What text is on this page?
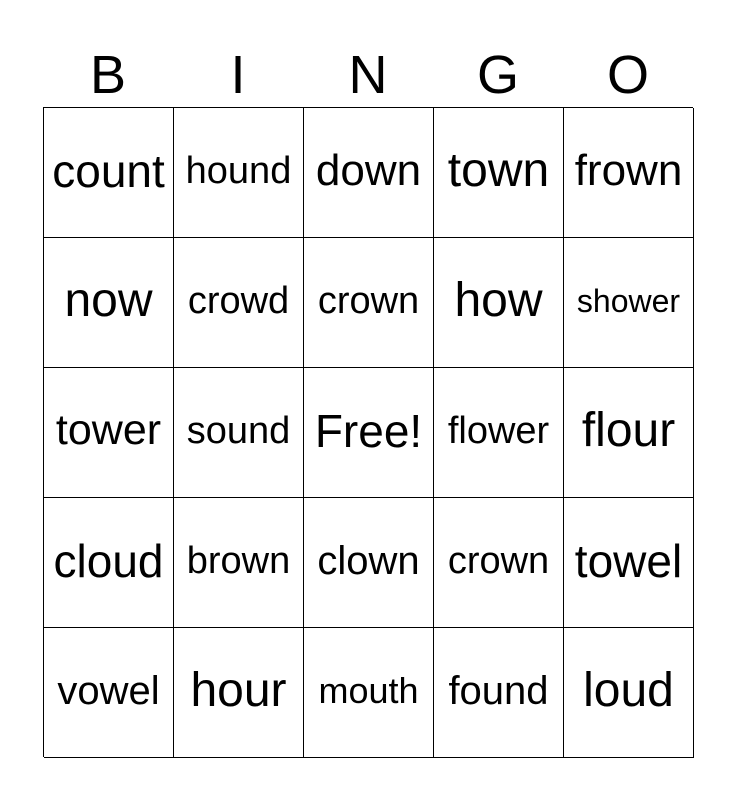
B	I	N	G	O
count hound down town frown
now crowd crown how shower
tower sound Free! flower flour
cloud brown clown crown towel
vowel hour mouth found loud
